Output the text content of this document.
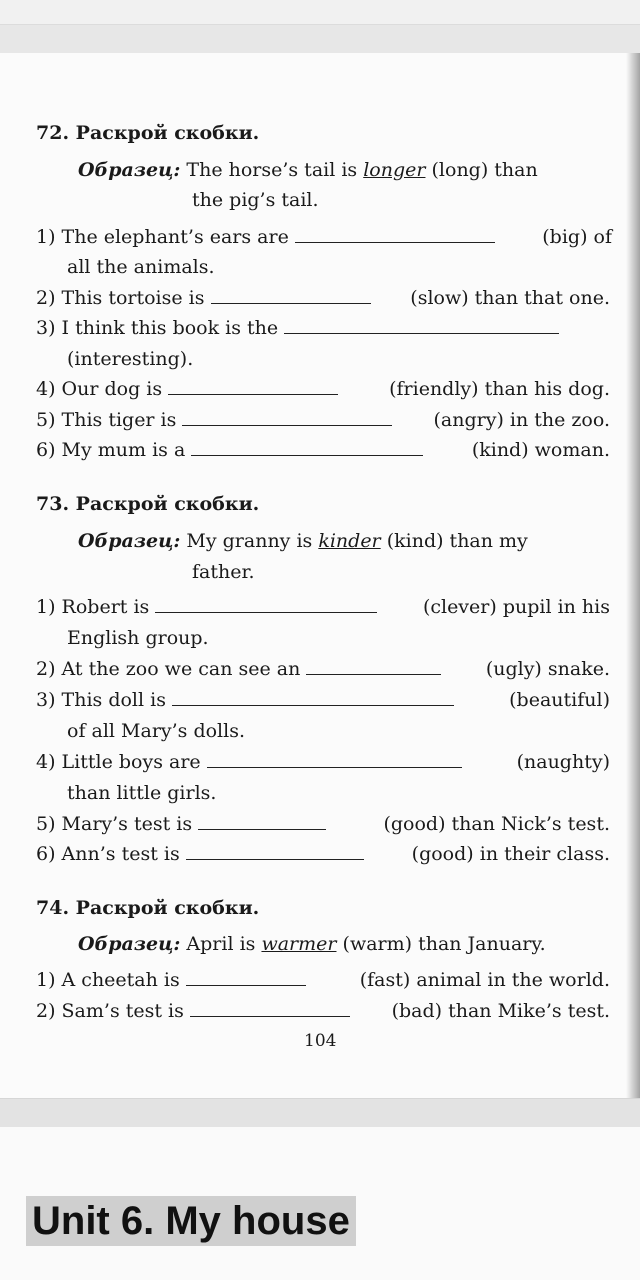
72. Раскрой скобки.
Образец: The horse’s tail is longer (long) than
the pig’s tail.
1) The elephant’s ears are	(big) of
all the animals.
2) This tortoise is	(slow) than that one.
3) I think this book is the
(interesting).
4) Our dog is	(friendly) than his dog.
5) This tiger is	(angry) in the zoo.
6) My mum is a	(kind) woman.
73. Раскрой скобки.
Образец: My granny is kinder (kind) than my
father.
1) Robert is	(clever) pupil in his
English group.
2) At the zoo we can see an	(ugly) snake.
3) This doll is	(beautiful)
of all Mary’s dolls.
4) Little boys are	(naughty)
than little girls.
5) Mary’s test is	(good) than Nick’s test.
6) Ann’s test is	(good) in their class.
74. Раскрой скобки.
Образец: April is warmer (warm) than January.
1) A cheetah is	(fast) animal in the world.
2) Sam’s test is	(bad) than Mike’s test.
104
Unit 6. My house
